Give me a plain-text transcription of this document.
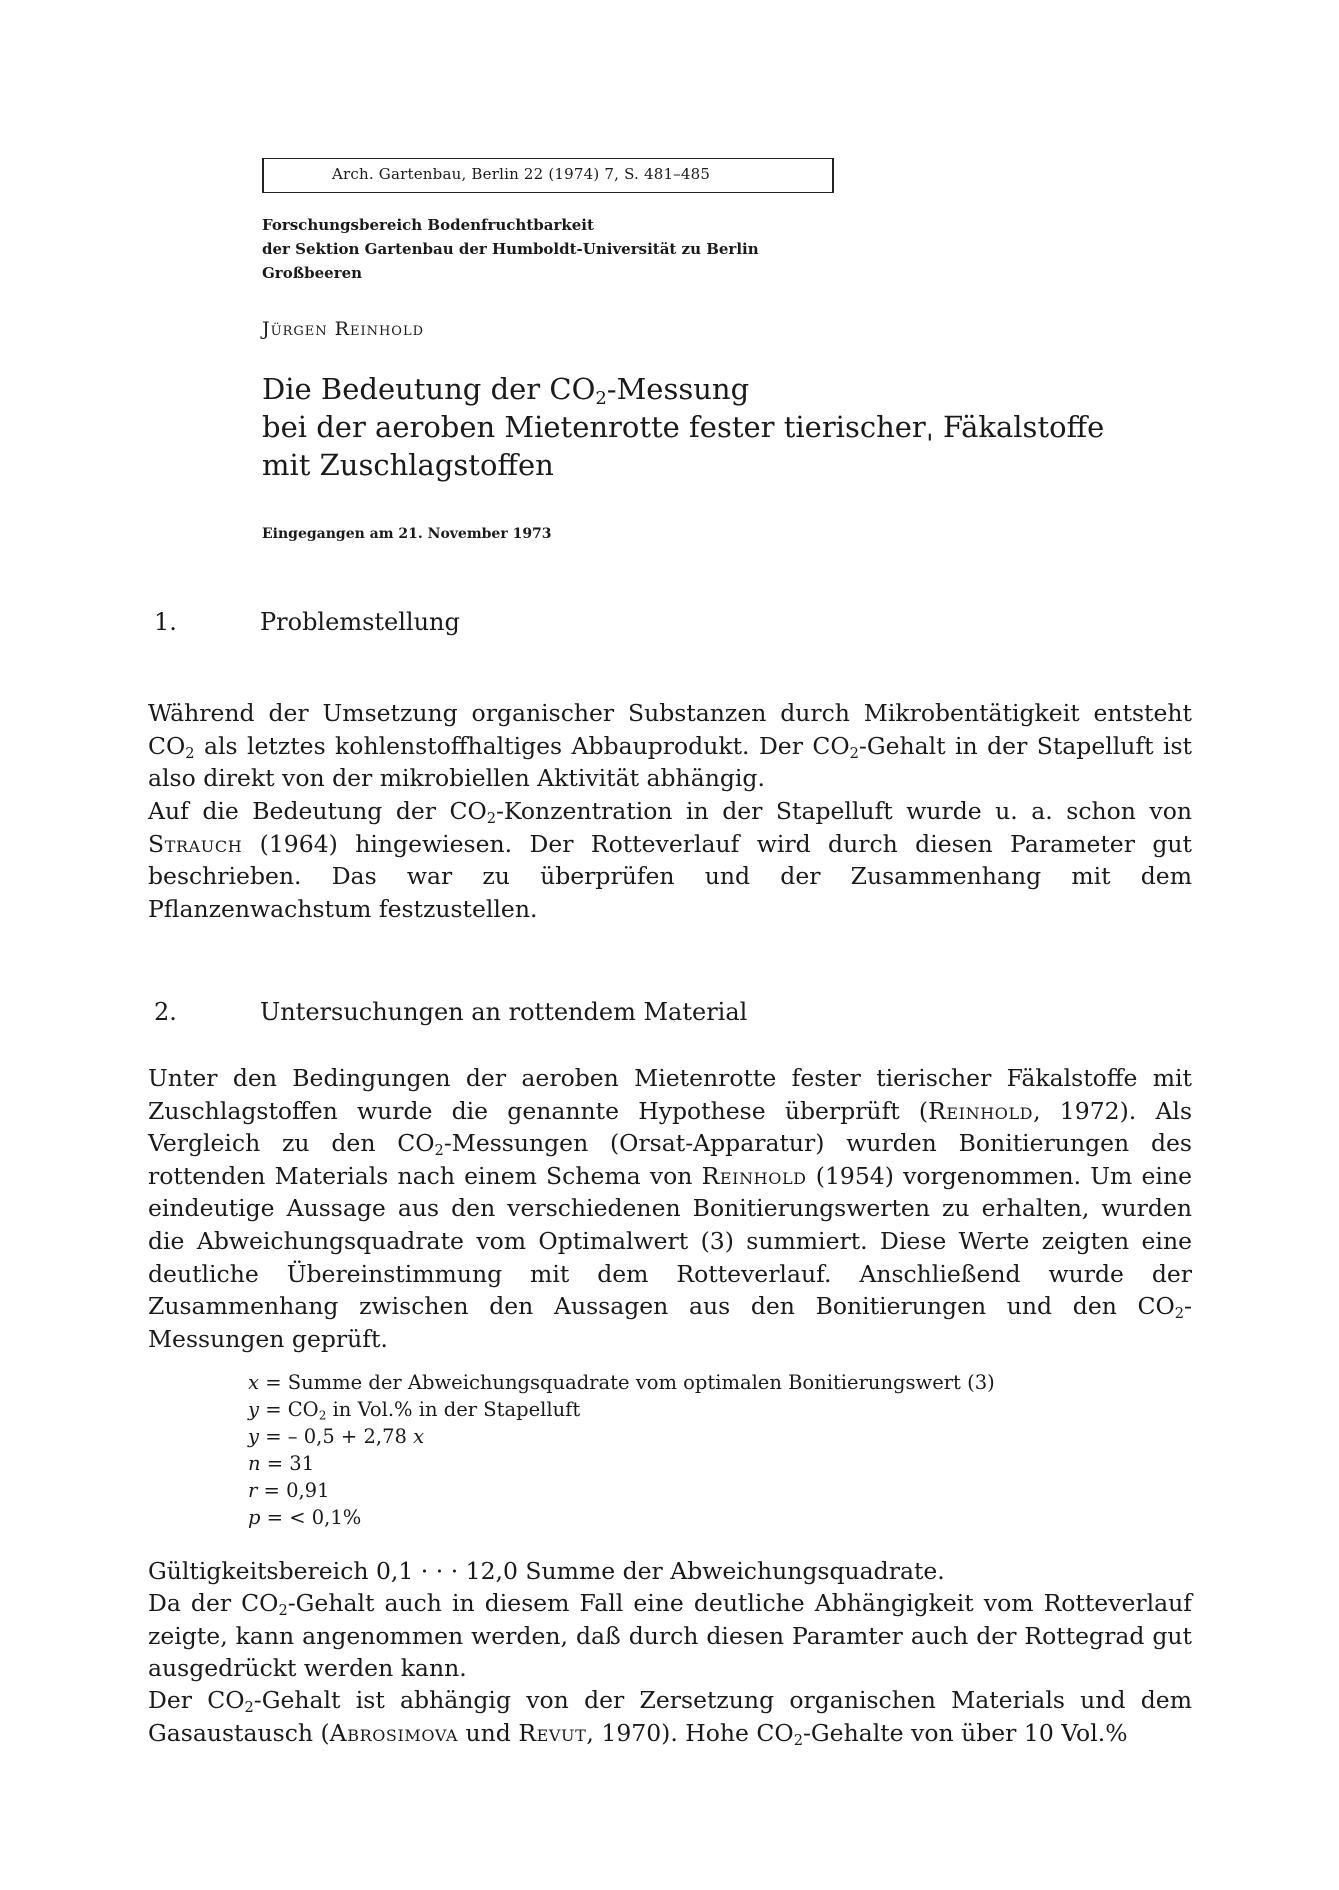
Arch. Gartenbau, Berlin 22 (1974) 7, S. 481–485
Forschungsbereich Bodenfruchtbarkeit
der Sektion Gartenbau der Humboldt-Universität zu Berlin
Großbeeren
Jürgen Reinhold
Die Bedeutung der $CO_2$-Messung
bei der aeroben Mietenrotte fester tierischerˌ Fäkalstoffe
mit Zuschlagstoffen
Eingegangen am 21. November 1973
1.	Problemstellung
Während der Umsetzung organischer Substanzen durch Mikrobentätigkeit entsteht $CO_2$ als letztes kohlenstoffhaltiges Abbauprodukt. Der $CO_2$-Gehalt in der Stapelluft ist also direkt von der mikrobiellen Aktivität abhängig.
Auf die Bedeutung der $CO_2$-Konzentration in der Stapelluft wurde u. a. schon von Strauch (1964) hingewiesen. Der Rotteverlauf wird durch diesen Parameter gut beschrieben. Das war zu überprüfen und der Zusammenhang mit dem Pflanzenwachstum festzustellen.
2.	Untersuchungen an rottendem Material
Unter den Bedingungen der aeroben Mietenrotte fester tierischer Fäkalstoffe mit Zuschlagstoffen wurde die genannte Hypothese überprüft (Reinhold, 1972). Als Vergleich zu den $CO_2$-Messungen (Orsat-Apparatur) wurden Bonitierungen des rottenden Materials nach einem Schema von Reinhold (1954) vorgenommen. Um eine eindeutige Aussage aus den verschiedenen Bonitierungswerten zu erhalten, wurden die Abweichungsquadrate vom Optimalwert (3) summiert. Diese Werte zeigten eine deutliche Übereinstimmung mit dem Rotteverlauf. Anschließend wurde der Zusammenhang zwischen den Aussagen aus den Bonitierungen und den $CO_2$-Messungen geprüft.
x = Summe der Abweichungsquadrate vom optimalen Bonitierungswert (3)
$y = CO_2$ in Vol.% in der Stapelluft
y = – 0,5 + 2,78 x
n = 31
r = 0,91
p = < 0,1%
Gültigkeitsbereich 0,1 · · · 12,0 Summe der Abweichungsquadrate.
Da der $CO_2$-Gehalt auch in diesem Fall eine deutliche Abhängigkeit vom Rotteverlauf zeigte, kann angenommen werden, daß durch diesen Paramter auch der Rottegrad gut ausgedrückt werden kann.
Der $CO_2$-Gehalt ist abhängig von der Zersetzung organischen Materials und dem Gasaustausch (Abrosimova und Revut, 1970). Hohe $CO_2$-Gehalte von über 10 Vol.%
